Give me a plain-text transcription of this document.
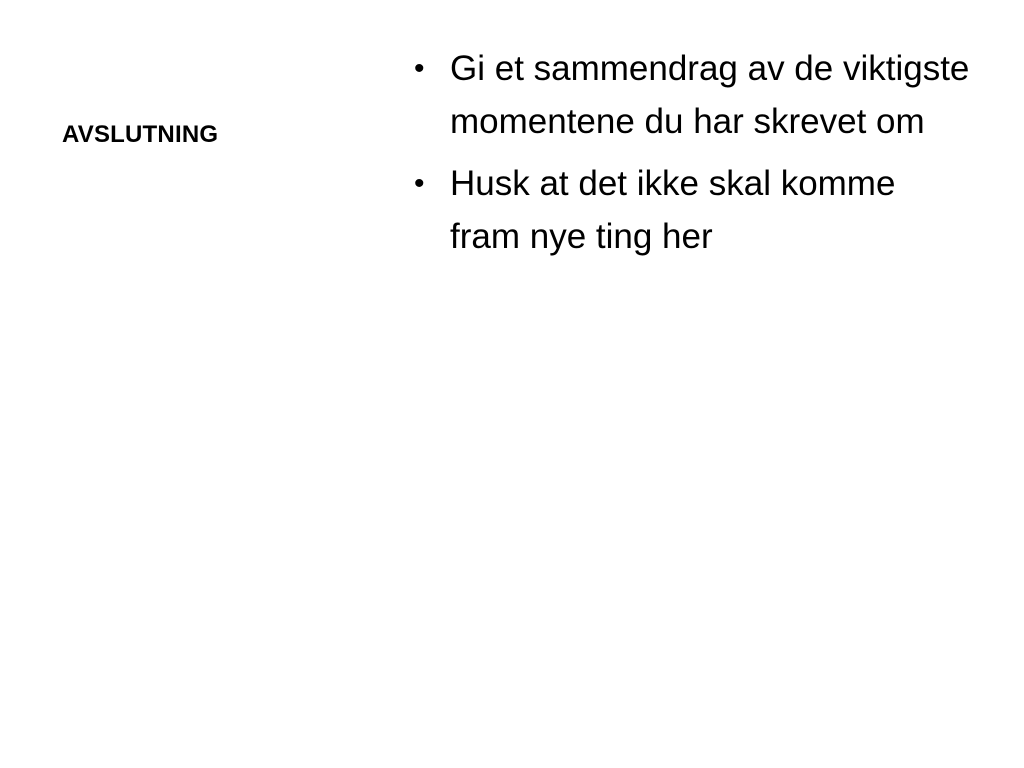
AVSLUTNING
• Gi et sammendrag av de viktigste momentene du har skrevet om
• Husk at det ikke skal komme fram nye ting her
